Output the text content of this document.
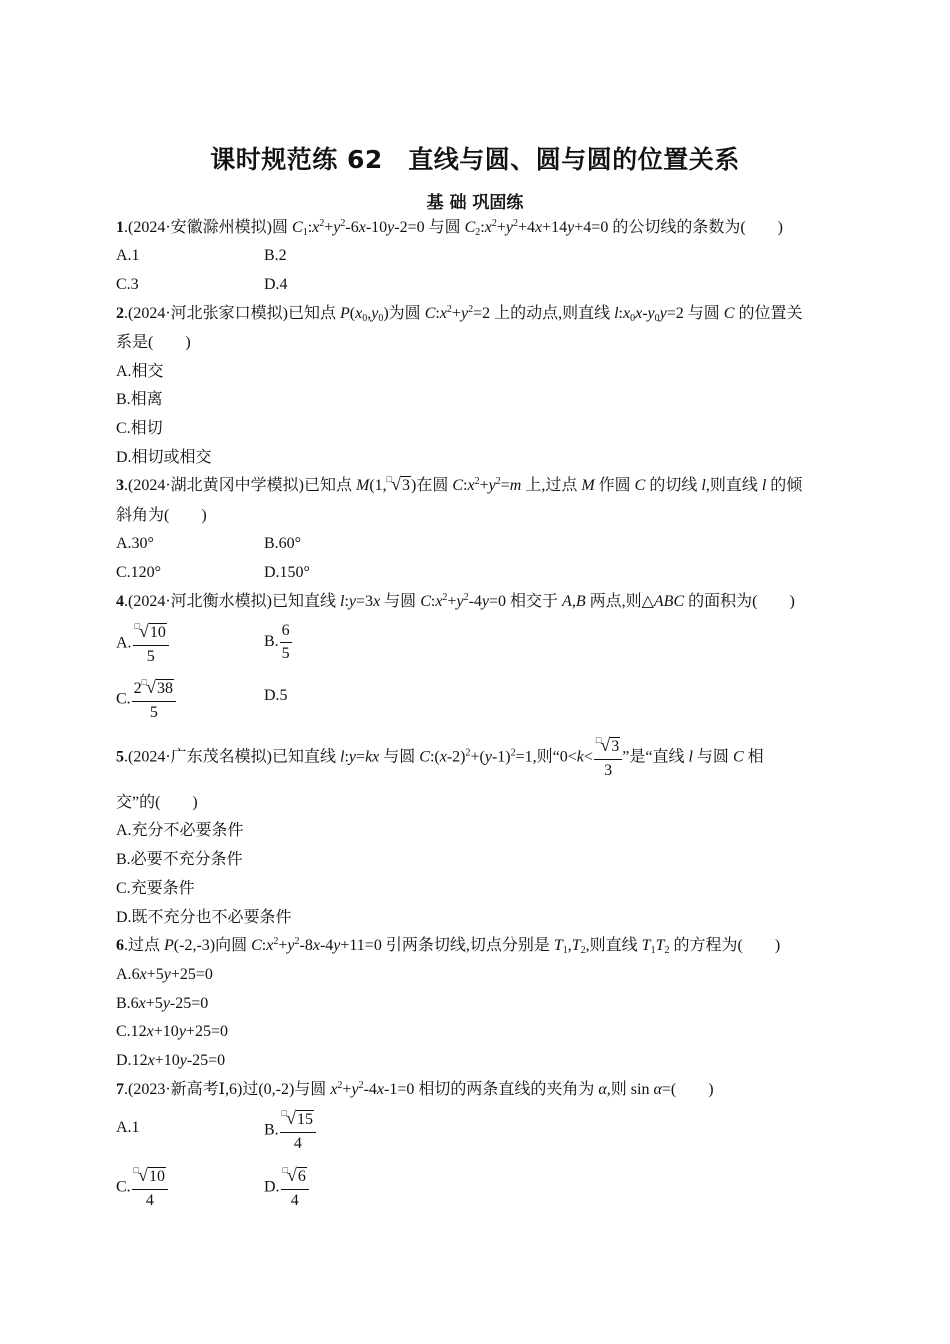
课时规范练 62　直线与圆、圆与圆的位置关系
基 础 巩固练
1.(2024·安徽滁州模拟)圆 $C_1:x^2+y^2-6x-10y-2=0$ 与圆 $C_2:x^2+y^2+4x+14y+4=0$ 的公切线的条数为(　　)
A.1	B.2
C.3	D.4
2.(2024·河北张家口模拟)已知点 $P(x_0,y_0)$为圆 $C:x^2+y^2=2$ 上的动点,则直线 $l:x_0x-y_0y=2$ 与圆 C 的位置关
系是(　　)
A.相交
B.相离
C.相切
D.相切或相交
3.(2024·湖北黄冈中学模拟)已知点 M(1,□√3)在圆 $C:x^2+y^2=m$ 上,过点 M 作圆 C 的切线 l,则直线 l 的倾
斜角为(　　)
A.30°	B.60°
C.120°	D.150°
4.(2024·河北衡水模拟)已知直线 l:y=3x 与圆 $C:x^2+y^2-4y=0$ 相交于 A,B 两点,则△ABC 的面积为(　　)
A. $\frac{^□√10}{5}$	B. $\frac{6}{5}$
C. $\frac{2^□√38}{5}$	D.5
5.(2024·广东茂名模拟)已知直线 l:y=kx 与圆 $C:(x-2)^2+(y-1)^2=1$,则“$0<k< \frac{^□√3}{3}$ ”是“直线 l 与圆 C 相
交”的(　　)
A.充分不必要条件
B.必要不充分条件
C.充要条件
D.既不充分也不必要条件
6.过点 P(-2,-3)向圆 $C:x^2+y^2-8x-4y+11=0$ 引两条切线,切点分别是 $T_1,T_2$,则直线 $T_1T_2$ 的方程为(　　)
A.6x+5y+25=0
B.6x+5y-25=0
C.12x+10y+25=0
D.12x+10y-25=0
7.(2023·新高考Ⅰ,6)过(0,-2)与圆 $x^2+y^2-4x-1=0$ 相切的两条直线的夹角为 α,则 sin α=(　　)
A.1	B. $\frac{^□√15}{4}$
C. $\frac{^□√10}{4}$	D. $\frac{^□√6}{4}$
